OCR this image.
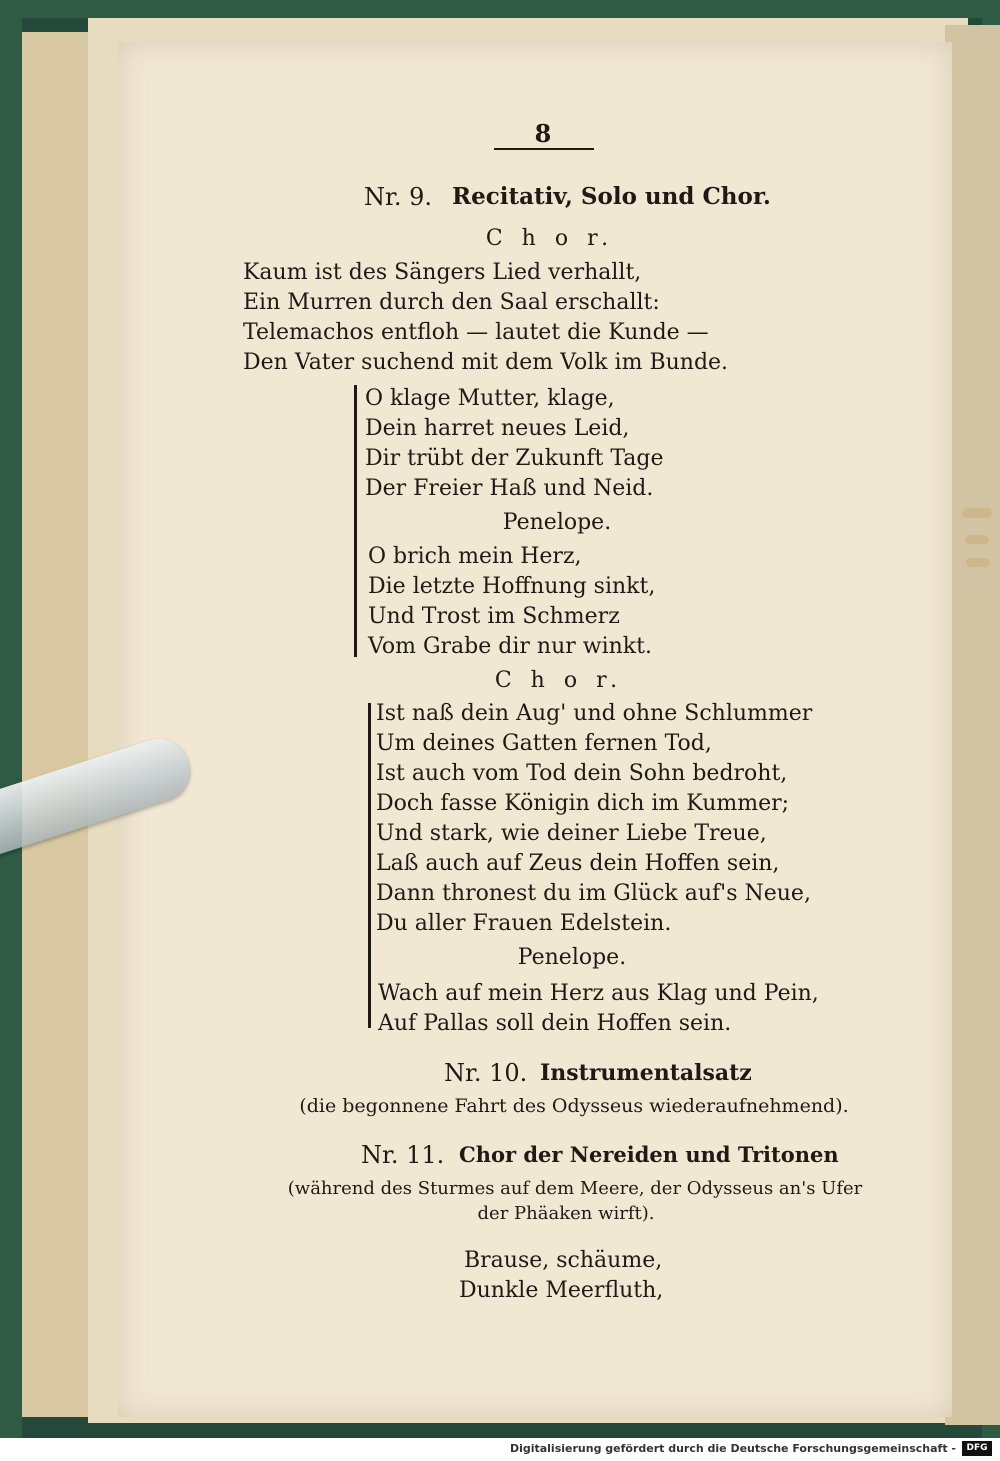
8
Nr. 9. Recitativ, Solo und Chor.
C h o r.
Kaum ist des Sängers Lied verhallt,
Ein Murren durch den Saal erschallt:
Telemachos entfloh — lautet die Kunde —
Den Vater suchend mit dem Volk im Bunde.
O klage Mutter, klage,
Dein harret neues Leid,
Dir trübt der Zukunft Tage
Der Freier Haß und Neid.
Penelope.
O brich mein Herz,
Die letzte Hoffnung sinkt,
Und Trost im Schmerz
Vom Grabe dir nur winkt.
C h o r.
Ist naß dein Aug' und ohne Schlummer
Um deines Gatten fernen Tod,
Ist auch vom Tod dein Sohn bedroht,
Doch fasse Königin dich im Kummer;
Und stark, wie deiner Liebe Treue,
Laß auch auf Zeus dein Hoffen sein,
Dann thronest du im Glück auf's Neue,
Du aller Frauen Edelstein.
Penelope.
Wach auf mein Herz aus Klag und Pein,
Auf Pallas soll dein Hoffen sein.
Nr. 10. Instrumentalsatz
(die begonnene Fahrt des Odysseus wiederaufnehmend).
Nr. 11. Chor der Nereiden und Tritonen
(während des Sturmes auf dem Meere, der Odysseus an's Ufer
der Phäaken wirft).
Brause, schäume,
Dunkle Meerfluth,
Digitalisierung gefördert durch die Deutsche Forschungsgemeinschaft -	DFG
